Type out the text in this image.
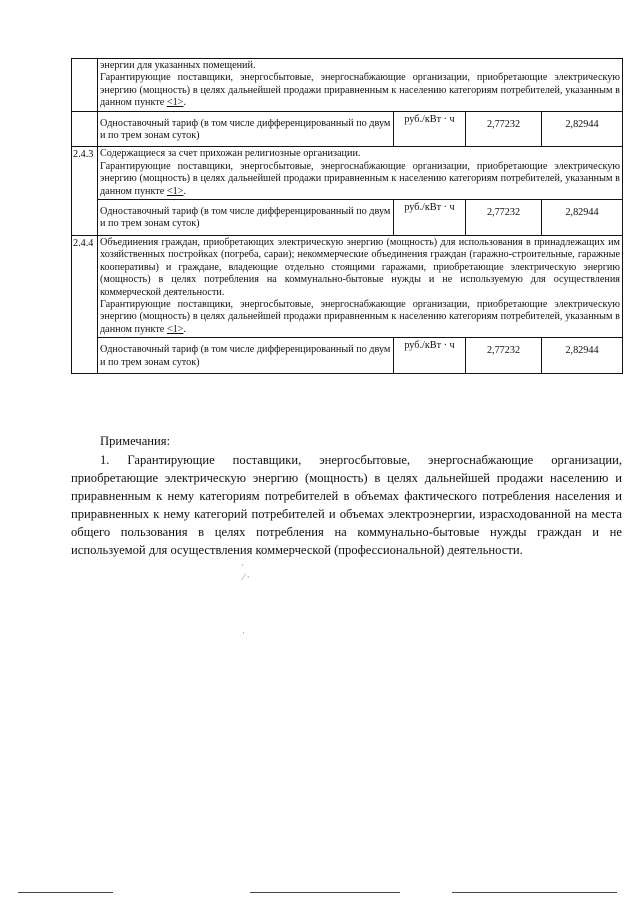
	энергии для указанных помещений.

Гарантирующие поставщики, энергосбытовые, энергоснабжающие организации, приобретающие электрическую энергию (мощность) в целях дальнейшей продажи приравненным к населению категориям потребителей, указанным в данном пункте <1>.			

	Одноставочный тариф (в том числе дифференцированный по двум и по трем зонам суток)	руб./кВт · ч	2,77232	2,82944
2.4.3	Содержащиеся за счет прихожан религиозные организации.

Гарантирующие поставщики, энергосбытовые, энергоснабжающие организации, приобретающие электрическую энергию (мощность) в целях дальнейшей продажи приравненным к населению категориям потребителей, указанным в данном пункте <1>.			

	Одноставочный тариф (в том числе дифференцированный по двум и по трем зонам суток)	руб./кВт · ч	2,77232	2,82944
2.4.4	Объединения граждан, приобретающих электрическую энергию (мощность) для использования в принадлежащих им хозяйственных постройках (погреба, сараи); некоммерческие объединения граждан (гаражно-строительные, гаражные кооперативы) и граждане, владеющие отдельно стоящими гаражами, приобретающие электрическую энергию (мощность) в целях потребления на коммунально-бытовые нужды и не используемую для осуществления коммерческой деятельности.

Гарантирующие поставщики, энергосбытовые, энергоснабжающие организации, приобретающие электрическую энергию (мощность) в целях дальнейшей продажи приравненным к населению категориям потребителей, указанным в данном пункте <1>.			

	Одноставочный тариф (в том числе дифференцированный по двум и по трем зонам суток)	руб./кВт · ч	2,77232	2,82944

Примечания:

1. Гарантирующие поставщики, энергосбытовые, энергоснабжающие организации, приобретающие электрическую энергию (мощность) в целях дальнейшей продажи населению и приравненным к нему категориям потребителей в объемах фактического потребления населения и приравненных к нему категорий потребителей и объемах электроэнергии, израсходованной на места общего пользования в целях потребления на коммунально-бытовые нужды граждан и не используемой для осуществления коммерческой (профессиональной) деятельности.

·
⁄ ·
·
